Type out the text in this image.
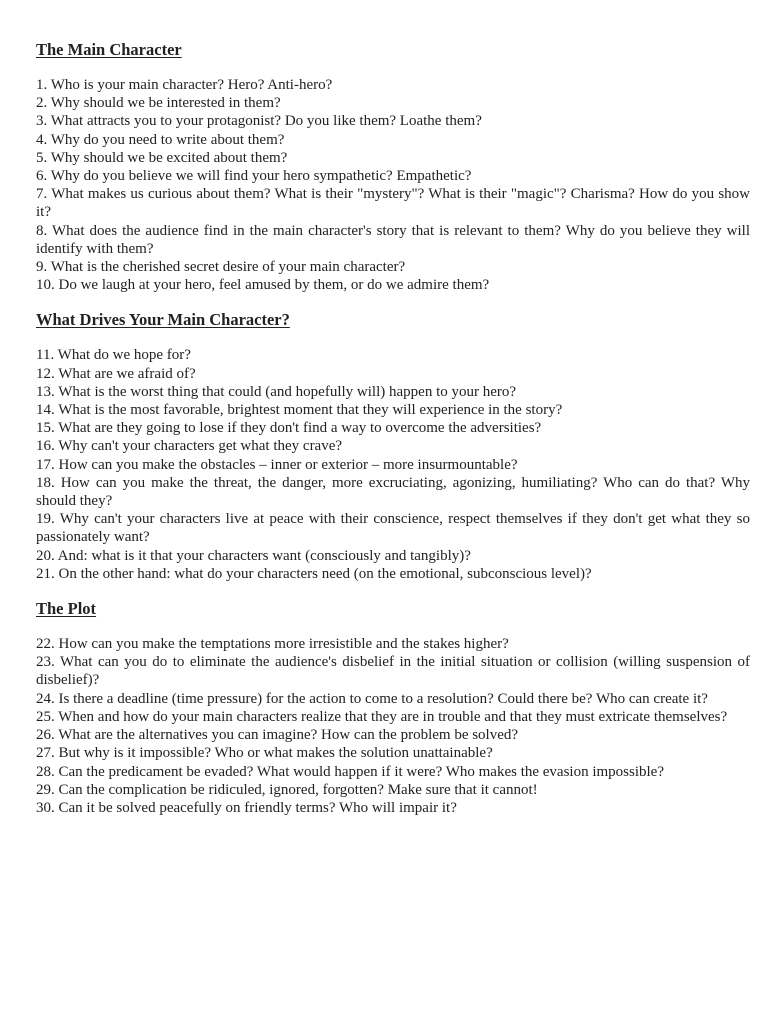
The Main Character
1. Who is your main character? Hero? Anti-hero?
2. Why should we be interested in them?
3. What attracts you to your protagonist? Do you like them? Loathe them?
4. Why do you need to write about them?
5. Why should we be excited about them?
6. Why do you believe we will find your hero sympathetic? Empathetic?
7. What makes us curious about them? What is their "mystery"? What is their "magic"? Charisma? How do you show it?
8. What does the audience find in the main character's story that is relevant to them? Why do you believe they will identify with them?
9. What is the cherished secret desire of your main character?
10. Do we laugh at your hero, feel amused by them, or do we admire them?
What Drives Your Main Character?
11. What do we hope for?
12. What are we afraid of?
13. What is the worst thing that could (and hopefully will) happen to your hero?
14. What is the most favorable, brightest moment that they will experience in the story?
15. What are they going to lose if they don't find a way to overcome the adversities?
16. Why can't your characters get what they crave?
17. How can you make the obstacles – inner or exterior – more insurmountable?
18. How can you make the threat, the danger, more excruciating, agonizing, humiliating? Who can do that? Why should they?
19. Why can't your characters live at peace with their conscience, respect themselves if they don't get what they so passionately want?
20. And: what is it that your characters want (consciously and tangibly)?
21. On the other hand: what do your characters need (on the emotional, subconscious level)?
The Plot
22. How can you make the temptations more irresistible and the stakes higher?
23. What can you do to eliminate the audience's disbelief in the initial situation or collision (willing suspension of disbelief)?
24. Is there a deadline (time pressure) for the action to come to a resolution? Could there be? Who can create it?
25. When and how do your main characters realize that they are in trouble and that they must extricate themselves?
26. What are the alternatives you can imagine? How can the problem be solved?
27. But why is it impossible? Who or what makes the solution unattainable?
28. Can the predicament be evaded? What would happen if it were? Who makes the evasion impossible?
29. Can the complication be ridiculed, ignored, forgotten? Make sure that it cannot!
30. Can it be solved peacefully on friendly terms? Who will impair it?
